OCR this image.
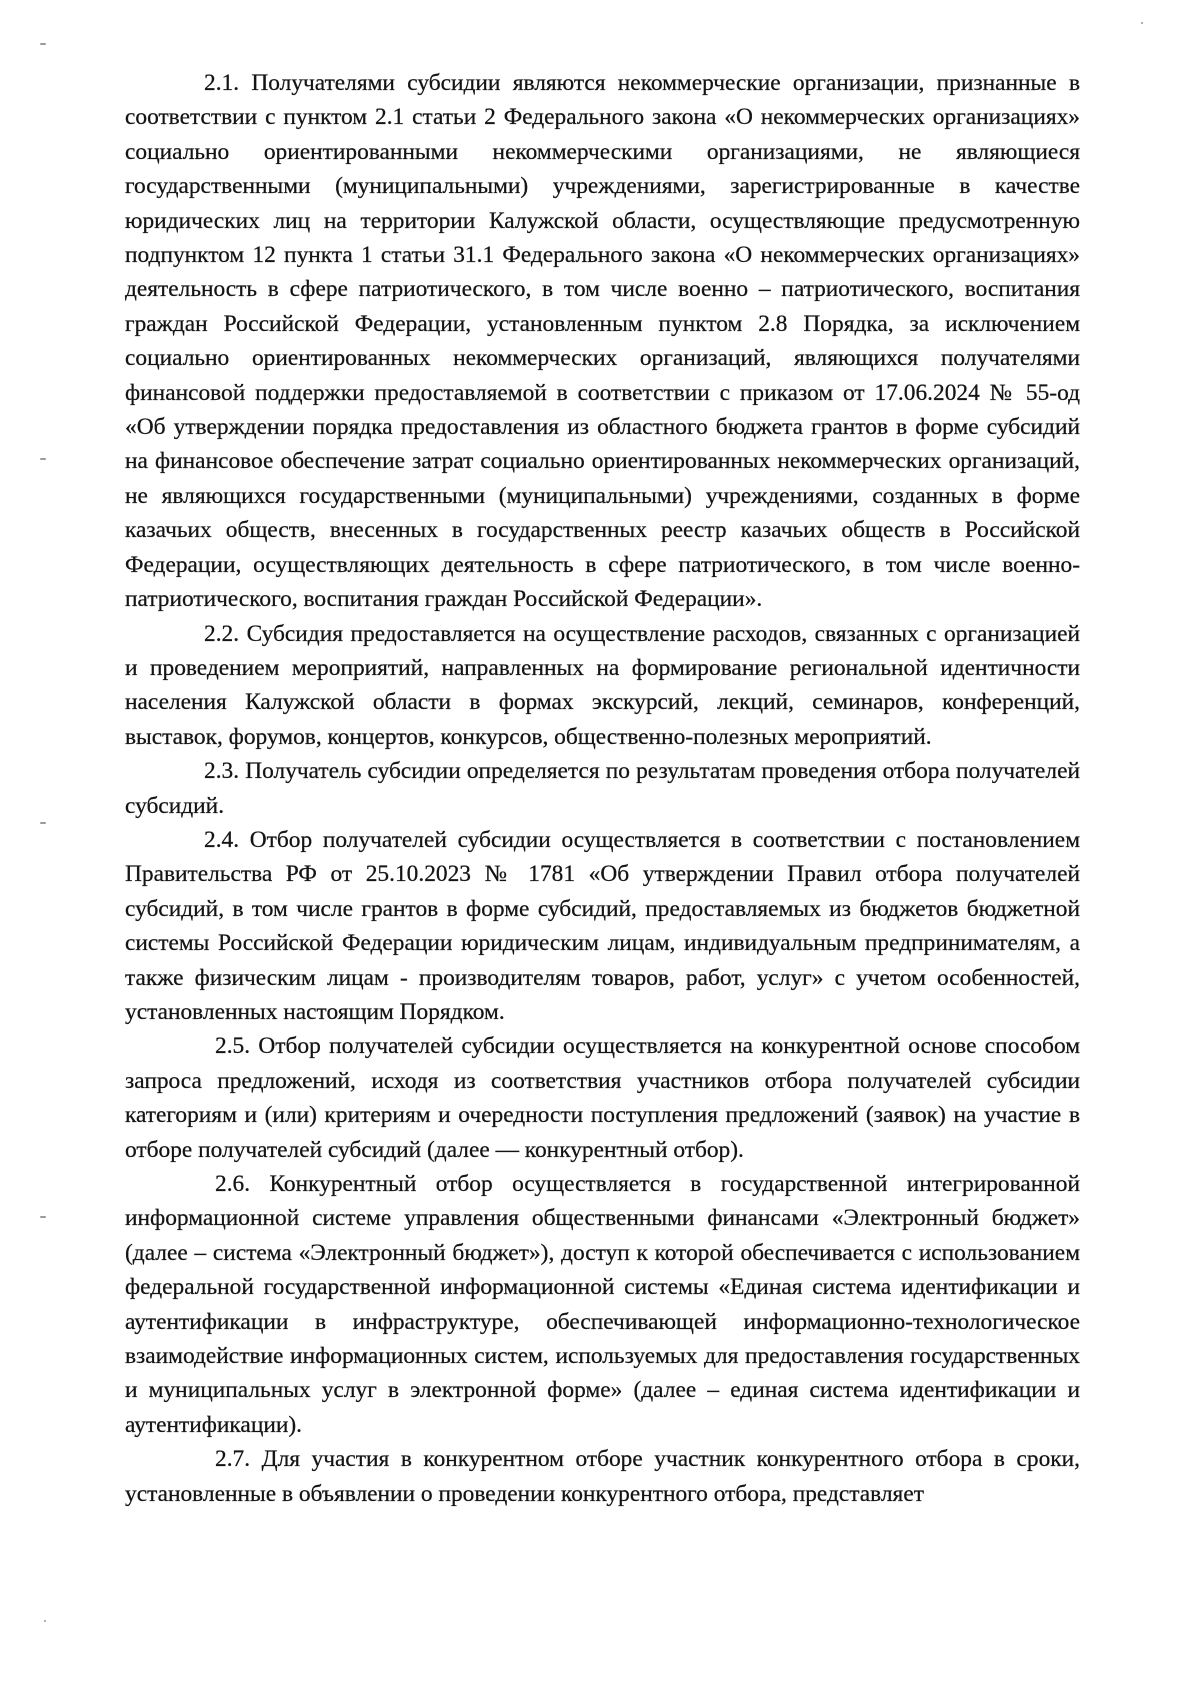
2.1. Получателями субсидии являются некоммерческие организации, признанные в соответствии с пунктом 2.1 статьи 2 Федерального закона «О некоммерческих организациях» социально ориентированными некоммерческими организациями, не являющиеся государственными (муниципальными) учреждениями, зарегистрированные в качестве юридических лиц на территории Калужской области, осуществляющие предусмотренную подпунктом 12 пункта 1 статьи 31.1 Федерального закона «О некоммерческих организациях» деятельность в сфере патриотического, в том числе военно – патриотического, воспитания граждан Российской Федерации, установленным пунктом 2.8 Порядка, за исключением социально ориентированных некоммерческих организаций, являющихся получателями финансовой поддержки предоставляемой в соответствии с приказом от 17.06.2024 № 55-од «Об утверждении порядка предоставления из областного бюджета грантов в форме субсидий на финансовое обеспечение затрат социально ориентированных некоммерческих организаций, не являющихся государственными (муниципальными) учреждениями, созданных в форме казачьих обществ, внесенных в государственных реестр казачьих обществ в Российской Федерации, осуществляющих деятельность в сфере патриотического, в том числе военно-патриотического, воспитания граждан Российской Федерации».

2.2. Субсидия предоставляется на осуществление расходов, связанных с организацией и проведением мероприятий, направленных на формирование региональной идентичности населения Калужской области в формах экскурсий, лекций, семинаров, конференций, выставок, форумов, концертов, конкурсов, общественно-полезных мероприятий.

2.3. Получатель субсидии определяется по результатам проведения отбора получателей субсидий.

2.4. Отбор получателей субсидии осуществляется в соответствии с постановлением Правительства РФ от 25.10.2023 № 1781 «Об утверждении Правил отбора получателей субсидий, в том числе грантов в форме субсидий, предоставляемых из бюджетов бюджетной системы Российской Федерации юридическим лицам, индивидуальным предпринимателям, а также физическим лицам - производителям товаров, работ, услуг» с учетом особенностей, установленных настоящим Порядком.

2.5. Отбор получателей субсидии осуществляется на конкурентной основе способом запроса предложений, исходя из соответствия участников отбора получателей субсидии категориям и (или) критериям и очередности поступления предложений (заявок) на участие в отборе получателей субсидий (далее — конкурентный отбор).

2.6. Конкурентный отбор осуществляется в государственной интегрированной информационной системе управления общественными финансами «Электронный бюджет» (далее – система «Электронный бюджет»), доступ к которой обеспечивается с использованием федеральной государственной информационной системы «Единая система идентификации и аутентификации в инфраструктуре, обеспечивающей информационно-технологическое взаимодействие информационных систем, используемых для предоставления государственных и муниципальных услуг в электронной форме» (далее – единая система идентификации и аутентификации).

2.7. Для участия в конкурентном отборе участник конкурентного отбора в сроки, установленные в объявлении о проведении конкурентного отбора, представляет
